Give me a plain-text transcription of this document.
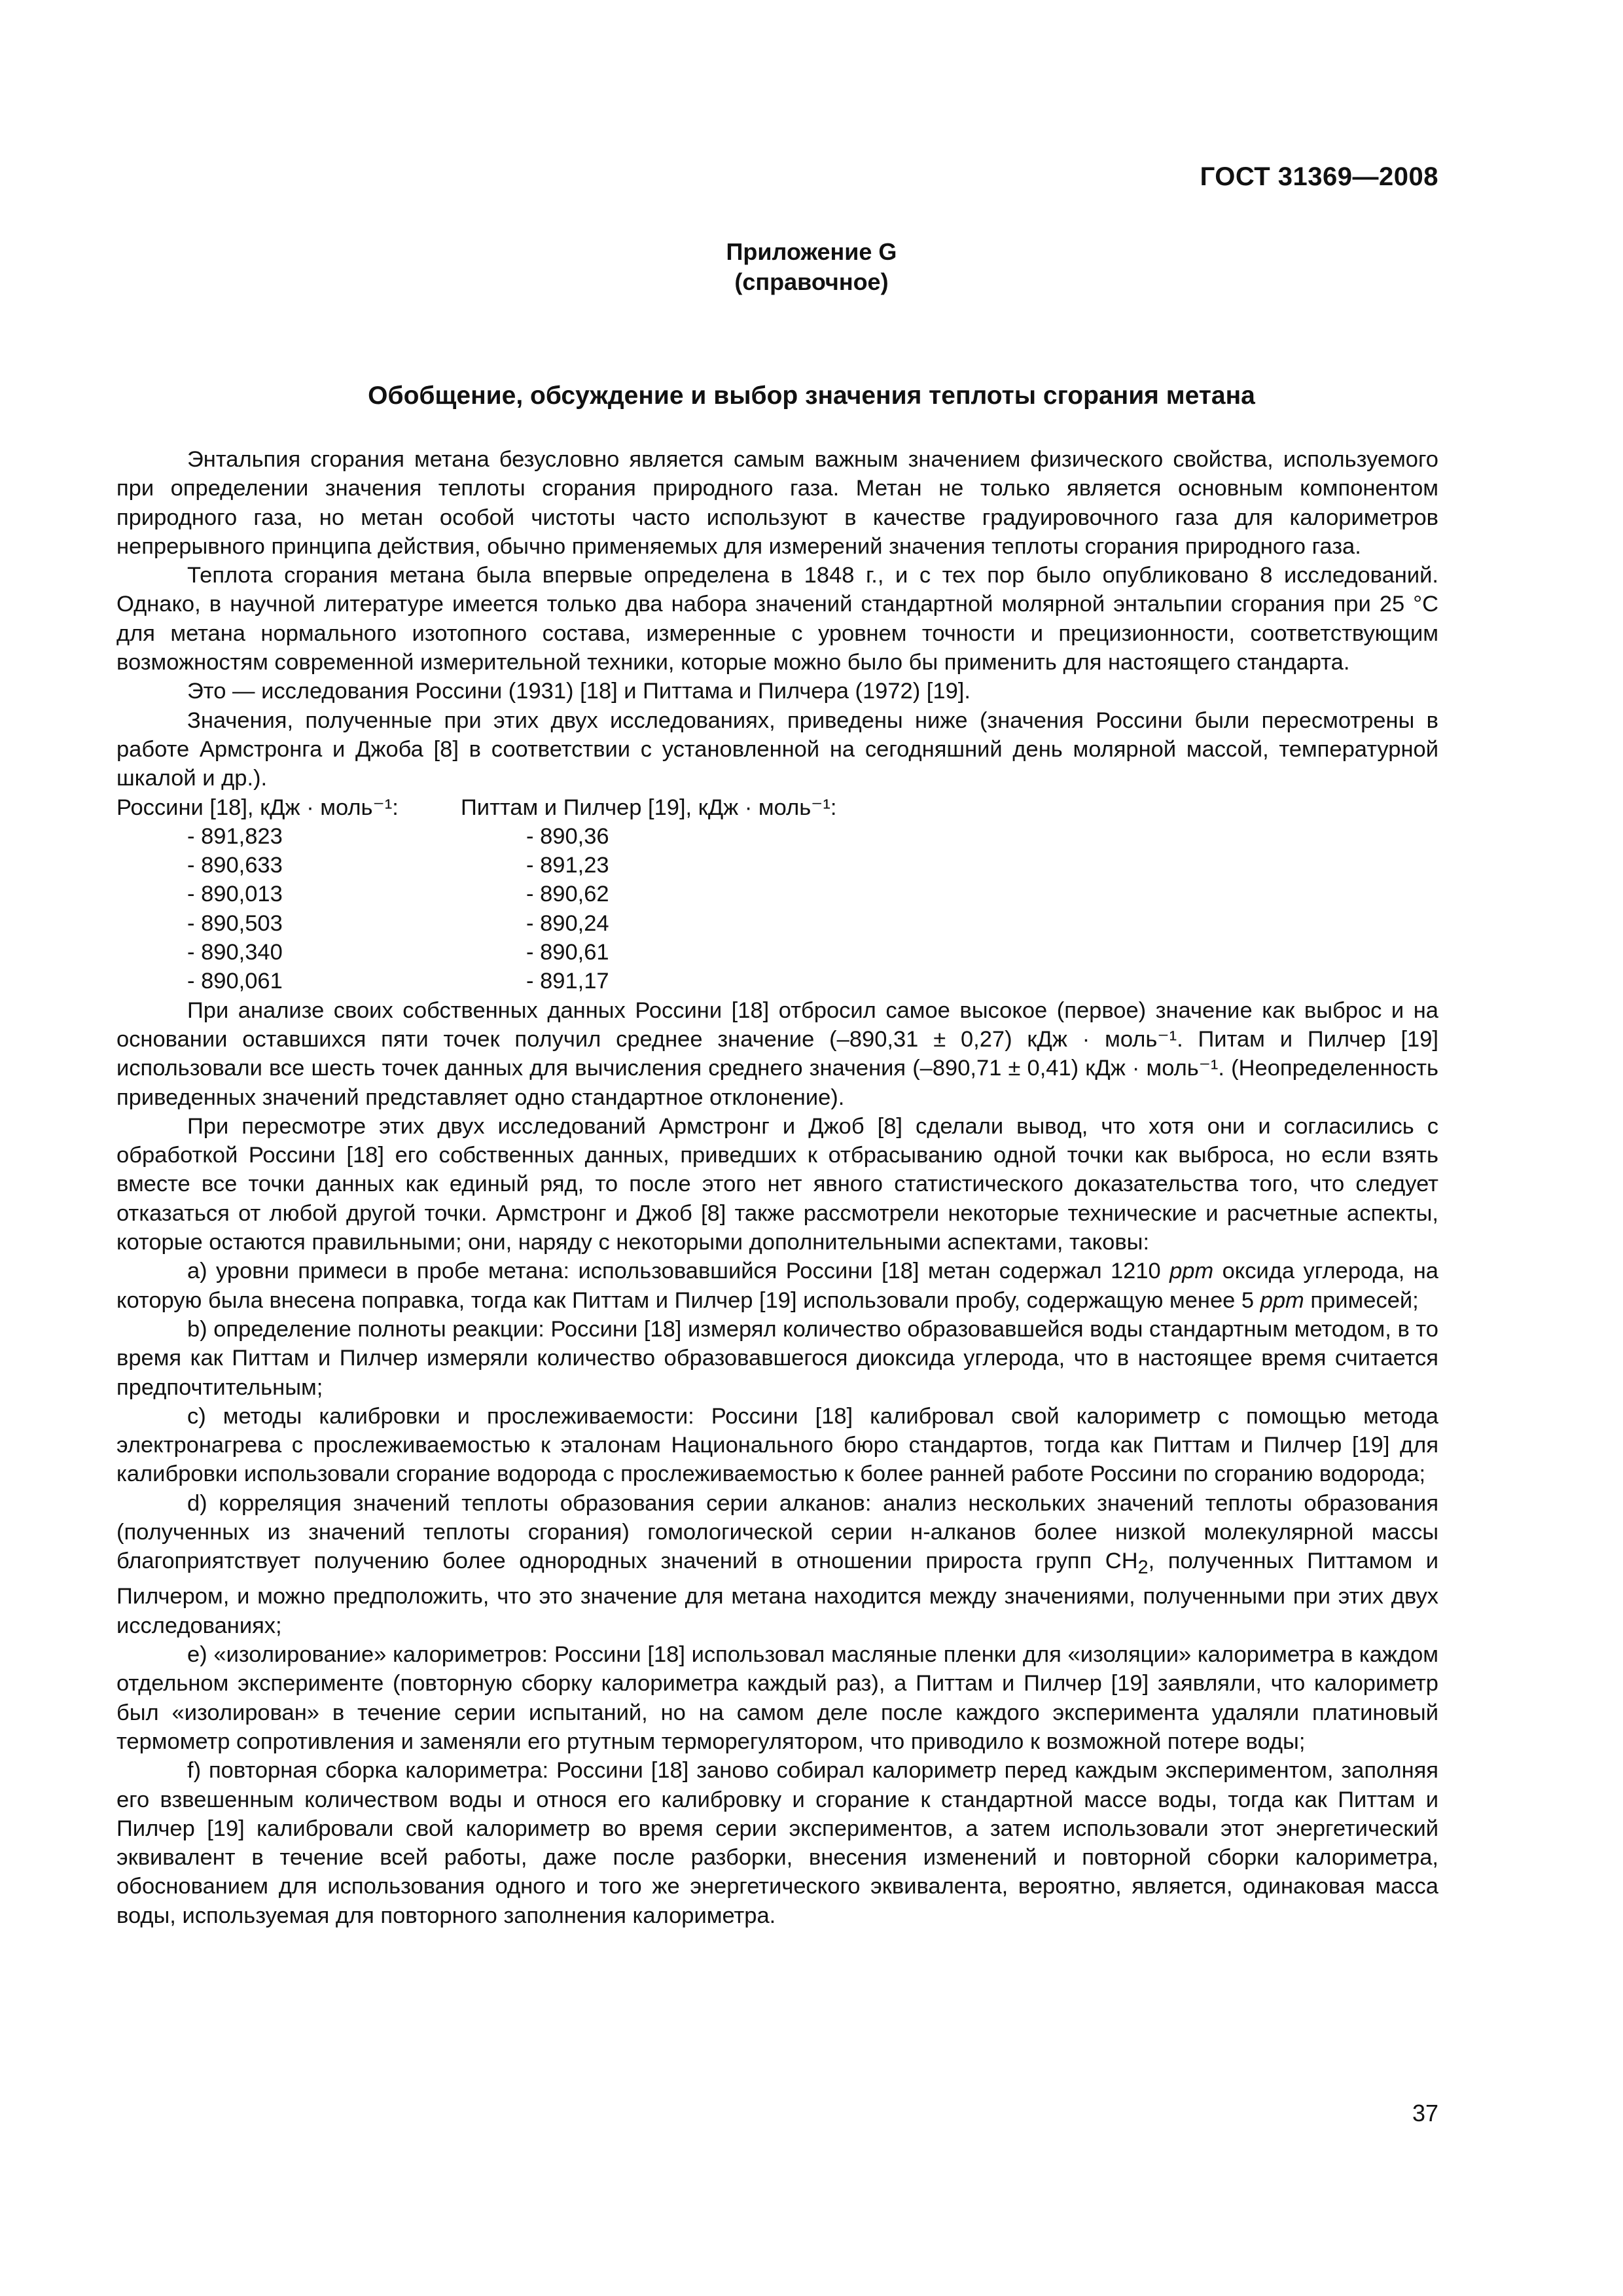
ГОСТ 31369—2008
Приложение G
(справочное)
Обобщение, обсуждение и выбор значения теплоты сгорания метана

Энтальпия сгорания метана безусловно является самым важным значением физического свойства, используемого при определении значения теплоты сгорания природного газа. Метан не только является основным компонентом природного газа, но метан особой чистоты часто используют в качестве градуировочного газа для калориметров непрерывного принципа действия, обычно применяемых для измерений значения теплоты сгорания природного газа.

Теплота сгорания метана была впервые определена в 1848 г., и с тех пор было опубликовано 8 исследований. Однако, в научной литературе имеется только два набора значений стандартной молярной энтальпии сгорания при 25 °С для метана нормального изотопного состава, измеренные с уровнем точности и прецизионности, соответствующим возможностям современной измерительной техники, которые можно было бы применить для настоящего стандарта.

Это — исследования Россини (1931) [18] и Питтама и Пилчера (1972) [19].

Значения, полученные при этих двух исследованиях, приведены ниже (значения Россини были пересмотрены в работе Армстронга и Джоба [8] в соответствии с установленной на сегодняшний день молярной массой, температурной шкалой и др.).

Россини [18], кДж · моль⁻¹:	Питтам и Пилчер [19], кДж · моль⁻¹:
- 891,823	- 890,36
- 890,633	- 891,23
- 890,013	- 890,62
- 890,503	- 890,24
- 890,340	- 890,61
- 890,061	- 891,17

При анализе своих собственных данных Россини [18] отбросил самое высокое (первое) значение как выброс и на основании оставшихся пяти точек получил среднее значение (–890,31 ± 0,27) кДж · моль⁻¹. Питам и Пилчер [19] использовали все шесть точек данных для вычисления среднего значения (–890,71 ± 0,41) кДж · моль⁻¹. (Неопределенность приведенных значений представляет одно стандартное отклонение).

При пересмотре этих двух исследований Армстронг и Джоб [8] сделали вывод, что хотя они и согласились с обработкой Россини [18] его собственных данных, приведших к отбрасыванию одной точки как выброса, но если взять вместе все точки данных как единый ряд, то после этого нет явного статистического доказательства того, что следует отказаться от любой другой точки. Армстронг и Джоб [8] также рассмотрели некоторые технические и расчетные аспекты, которые остаются правильными; они, наряду с некоторыми дополнительными аспектами, таковы:

а) уровни примеси в пробе метана: использовавшийся Россини [18] метан содержал 1210 ppm оксида углерода, на которую была внесена поправка, тогда как Питтам и Пилчер [19] использовали пробу, содержащую менее 5 ppm примесей;

b) определение полноты реакции: Россини [18] измерял количество образовавшейся воды стандартным методом, в то время как Питтам и Пилчер измеряли количество образовавшегося диоксида углерода, что в настоящее время считается предпочтительным;

с) методы калибровки и прослеживаемости: Россини [18] калибровал свой калориметр с помощью метода электронагрева с прослеживаемостью к эталонам Национального бюро стандартов, тогда как Питтам и Пилчер [19] для калибровки использовали сгорание водорода с прослеживаемостью к более ранней работе Россини по сгоранию водорода;

d) корреляция значений теплоты образования серии алканов: анализ нескольких значений теплоты образования (полученных из значений теплоты сгорания) гомологической серии н-алканов более низкой молекулярной массы благоприятствует получению более однородных значений в отношении прироста групп $СН_2$, полученных Питтамом и Пилчером, и можно предположить, что это значение для метана находится между значениями, полученными при этих двух исследованиях;

е) «изолирование» калориметров: Россини [18] использовал масляные пленки для «изоляции» калориметра в каждом отдельном эксперименте (повторную сборку калориметра каждый раз), а Питтам и Пилчер [19] заявляли, что калориметр был «изолирован» в течение серии испытаний, но на самом деле после каждого эксперимента удаляли платиновый термометр сопротивления и заменяли его ртутным терморегулятором, что приводило к возможной потере воды;

f) повторная сборка калориметра: Россини [18] заново собирал калориметр перед каждым экспериментом, заполняя его взвешенным количеством воды и относя его калибровку и сгорание к стандартной массе воды, тогда как Питтам и Пилчер [19] калибровали свой калориметр во время серии экспериментов, а затем использовали этот энергетический эквивалент в течение всей работы, даже после разборки, внесения изменений и повторной сборки калориметра, обоснованием для использования одного и того же энергетического эквивалента, вероятно, является, одинаковая масса воды, используемая для повторного заполнения калориметра.

37
